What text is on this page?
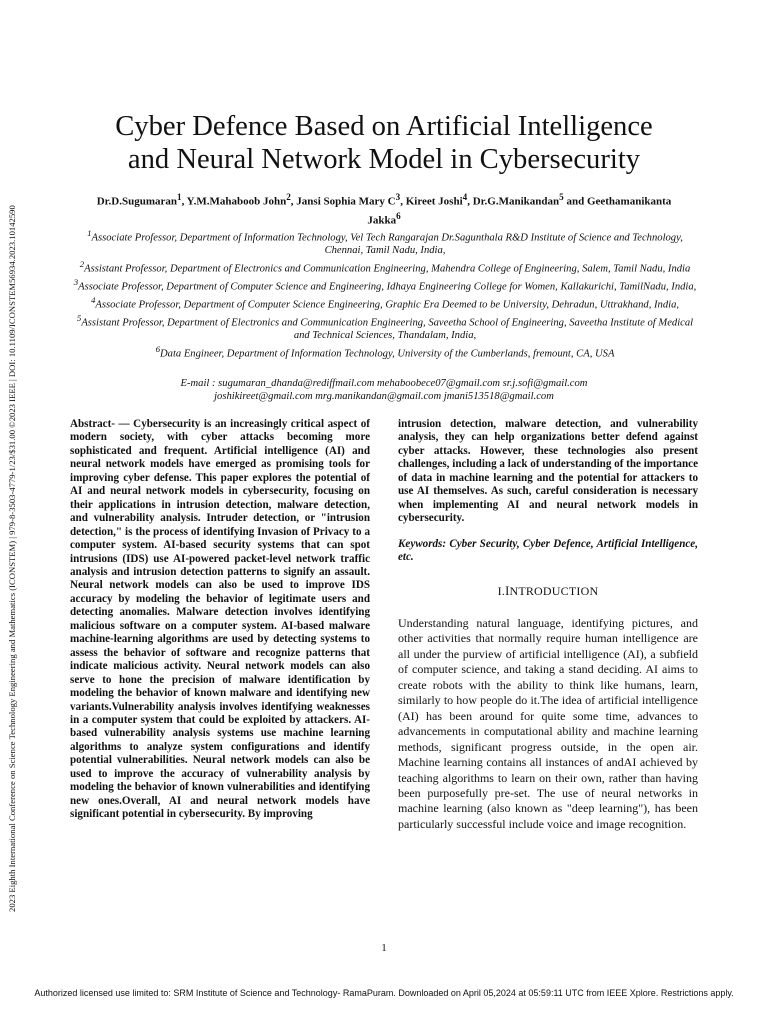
2023 Eighth International Conference on Science Technology Engineering and Mathematics (ICONSTEM) | 979-8-3503-4779-1/23/$31.00 ©2023 IEEE | DOI: 10.1109/ICONSTEM56934.2023.10142590
Cyber Defence Based on Artificial Intelligence
and Neural Network Model in Cybersecurity
Dr.D.Sugumaran$^1$, Y.M.Mahaboob John$^2$, Jansi Sophia Mary $C^3$, Kireet Joshi$^4$, Dr.G.Manikandan$^5$ and Geethamanikanta Jakka$^6$
$^1$Associate Professor, Department of Information Technology, Vel Tech Rangarajan Dr.Sagunthala R&D Institute of Science and Technology, Chennai, Tamil Nadu, India,
$^2$Assistant Professor, Department of Electronics and Communication Engineering, Mahendra College of Engineering, Salem, Tamil Nadu, India
$^3$Associate Professor, Department of Computer Science and Engineering, Idhaya Engineering College for Women, Kallakurichi, TamilNadu, India,
$^4$Associate Professor, Department of Computer Science Engineering, Graphic Era Deemed to be University, Dehradun, Uttrakhand, India,
$^5$Assistant Professor, Department of Electronics and Communication Engineering, Saveetha School of Engineering, Saveetha Institute of Medical and Technical Sciences, Thandalam, India,
$^6$Data Engineer, Department of Information Technology, University of the Cumberlands, fremount, CA, USA
E-mail : sugumaran_dhanda@rediffmail.com mehaboobece07@gmail.com sr.j.sofi@gmail.com
joshikireet@gmail.com mrg.manikandan@gmail.com jmani513518@gmail.com

Abstract- — Cybersecurity is an increasingly critical aspect of modern society, with cyber attacks becoming more sophisticated and frequent. Artificial intelligence (AI) and neural network models have emerged as promising tools for improving cyber defense. This paper explores the potential of AI and neural network models in cybersecurity, focusing on their applications in intrusion detection, malware detection, and vulnerability analysis. Intruder detection, or "intrusion detection," is the process of identifying Invasion of Privacy to a computer system. AI-based security systems that can spot intrusions (IDS) use AI-powered packet-level network traffic analysis and intrusion detection patterns to signify an assault. Neural network models can also be used to improve IDS accuracy by modeling the behavior of legitimate users and detecting anomalies. Malware detection involves identifying malicious software on a computer system. AI-based malware machine-learning algorithms are used by detecting systems to assess the behavior of software and recognize patterns that indicate malicious activity. Neural network models can also serve to hone the precision of malware identification by modeling the behavior of known malware and identifying new variants.Vulnerability analysis involves identifying weaknesses in a computer system that could be exploited by attackers. AI-based vulnerability analysis systems use machine learning algorithms to analyze system configurations and identify potential vulnerabilities. Neural network models can also be used to improve the accuracy of vulnerability analysis by modeling the behavior of known vulnerabilities and identifying new ones.Overall, AI and neural network models have significant potential in cybersecurity. By improving

intrusion detection, malware detection, and vulnerability analysis, they can help organizations better defend against cyber attacks. However, these technologies also present challenges, including a lack of understanding of the importance of data in machine learning and the potential for attackers to use AI themselves. As such, careful consideration is necessary when implementing AI and neural network models in cybersecurity.

Keywords: Cyber Security, Cyber Defence, Artificial Intelligence, etc.

I.INTRODUCTION

Understanding natural language, identifying pictures, and other activities that normally require human intelligence are all under the purview of artificial intelligence (AI), a subfield of computer science, and taking a stand deciding. AI aims to create robots with the ability to think like humans, learn, similarly to how people do it.The idea of artificial intelligence (AI) has been around for quite some time, advances to advancements in computational ability and machine learning methods, significant progress outside, in the open air. Machine learning contains all instances of andAI achieved by teaching algorithms to learn on their own, rather than having been purposefully pre-set. The use of neural networks in machine learning (also known as "deep learning"), has been particularly successful include voice and image recognition.

1
Authorized licensed use limited to: SRM Institute of Science and Technology- RamaPuram. Downloaded on April 05,2024 at 05:59:11 UTC from IEEE Xplore. Restrictions apply.
